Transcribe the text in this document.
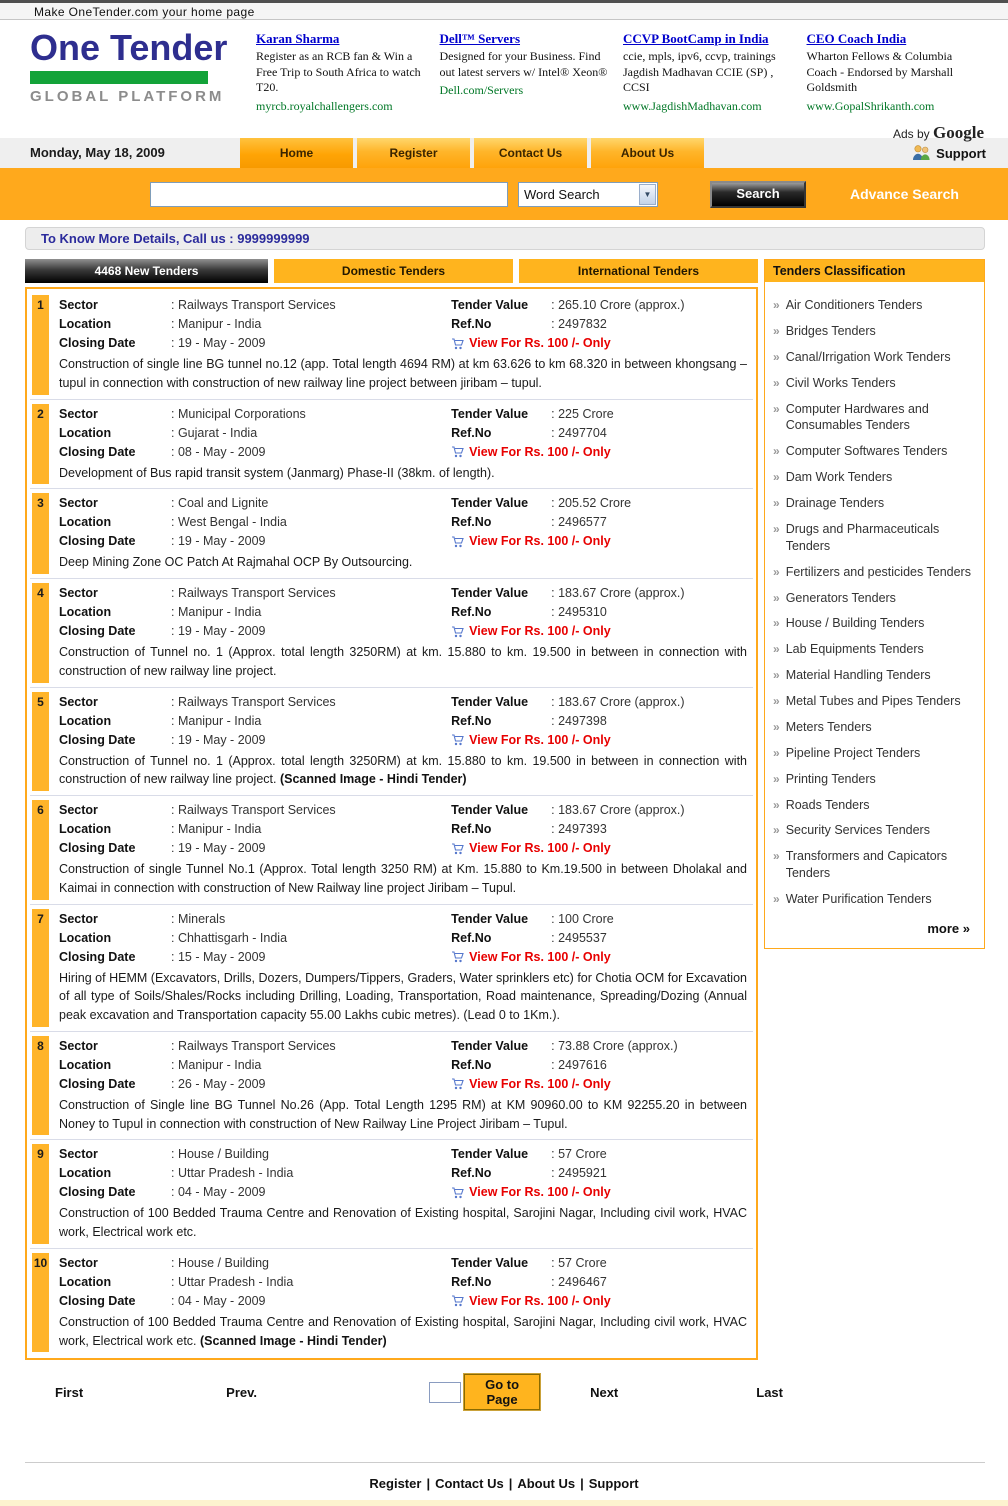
Make OneTender.com your home page
One Tender
GLOBAL PLATFORM
Karan Sharma
Register as an RCB fan & Win a Free Trip to South Africa to watch T20.
myrcb.royalchallengers.com
Dell™ Servers
Designed for your Business. Find out latest servers w/ Intel® Xeon®
Dell.com/Servers
CCVP BootCamp in India
ccie, mpls, ipv6, ccvp, trainings Jagdish Madhavan CCIE (SP) , CCSI
www.JagdishMadhavan.com
CEO Coach India
Wharton Fellows & Columbia Coach - Endorsed by Marshall Goldsmith
www.GopalShrikanth.com
Ads by Google
Monday, May 18, 2009	Home	Register	Contact Us	About Us	Support
Word Search	▼	Search	Advance Search
To Know More Details, Call us : 9999999999
4468 New Tenders	Domestic Tenders	International Tenders
1	Sector	: Railways Transport Services
Location	: Manipur - India
Closing Date	: 19 - May - 2009
Tender Value	: 265.10 Crore (approx.)
Ref.No	: 2497832
View For Rs. 100 /- Only
Construction of single line BG tunnel no.12 (app. Total length 4694 RM) at km 63.626 to km 68.320 in between khongsang – tupul in connection with construction of new railway line project between jiribam – tupul.
2	Sector	: Municipal Corporations
Location	: Gujarat - India
Closing Date	: 08 - May - 2009
Tender Value	: 225 Crore
Ref.No	: 2497704
View For Rs. 100 /- Only
Development of Bus rapid transit system (Janmarg) Phase-II (38km. of length).
3	Sector	: Coal and Lignite
Location	: West Bengal - India
Closing Date	: 19 - May - 2009
Tender Value	: 205.52 Crore
Ref.No	: 2496577
View For Rs. 100 /- Only
Deep Mining Zone OC Patch At Rajmahal OCP By Outsourcing.
4	Sector	: Railways Transport Services
Location	: Manipur - India
Closing Date	: 19 - May - 2009
Tender Value	: 183.67 Crore (approx.)
Ref.No	: 2495310
View For Rs. 100 /- Only
Construction of Tunnel no. 1 (Approx. total length 3250RM) at km. 15.880 to km. 19.500 in between in connection with construction of new railway line project.
5	Sector	: Railways Transport Services
Location	: Manipur - India
Closing Date	: 19 - May - 2009
Tender Value	: 183.67 Crore (approx.)
Ref.No	: 2497398
View For Rs. 100 /- Only
Construction of Tunnel no. 1 (Approx. total length 3250RM) at km. 15.880 to km. 19.500 in between in connection with construction of new railway line project. (Scanned Image - Hindi Tender)
6	Sector	: Railways Transport Services
Location	: Manipur - India
Closing Date	: 19 - May - 2009
Tender Value	: 183.67 Crore (approx.)
Ref.No	: 2497393
View For Rs. 100 /- Only
Construction of single Tunnel No.1 (Approx. Total length 3250 RM) at Km. 15.880 to Km.19.500 in between Dholakal and Kaimai in connection with construction of New Railway line project Jiribam – Tupul.
7	Sector	: Minerals
Location	: Chhattisgarh - India
Closing Date	: 15 - May - 2009
Tender Value	: 100 Crore
Ref.No	: 2495537
View For Rs. 100 /- Only
Hiring of HEMM (Excavators, Drills, Dozers, Dumpers/Tippers, Graders, Water sprinklers etc) for Chotia OCM for Excavation of all type of Soils/Shales/Rocks including Drilling, Loading, Transportation, Road maintenance, Spreading/Dozing (Annual peak excavation and Transportation capacity 55.00 Lakhs cubic metres). (Lead 0 to 1Km.).
8	Sector	: Railways Transport Services
Location	: Manipur - India
Closing Date	: 26 - May - 2009
Tender Value	: 73.88 Crore (approx.)
Ref.No	: 2497616
View For Rs. 100 /- Only
Construction of Single line BG Tunnel No.26 (App. Total Length 1295 RM) at KM 90960.00 to KM 92255.20 in between Noney to Tupul in connection with construction of New Railway Line Project Jiribam – Tupul.
9	Sector	: House / Building
Location	: Uttar Pradesh - India
Closing Date	: 04 - May - 2009
Tender Value	: 57 Crore
Ref.No	: 2495921
View For Rs. 100 /- Only
Construction of 100 Bedded Trauma Centre and Renovation of Existing hospital, Sarojini Nagar, Including civil work, HVAC work, Electrical work etc.
10 Sector	: House / Building
Location	: Uttar Pradesh - India
Closing Date	: 04 - May - 2009
Tender Value	: 57 Crore
Ref.No	: 2496467
View For Rs. 100 /- Only
Construction of 100 Bedded Trauma Centre and Renovation of Existing hospital, Sarojini Nagar, Including civil work, HVAC work, Electrical work etc. (Scanned Image - Hindi Tender)
First	Prev.	Go to Page	Next	Last
Tenders Classification
» Air Conditioners Tenders
» Bridges Tenders
» Canal/Irrigation Work Tenders
» Civil Works Tenders
» Computer Hardwares and Consumables Tenders
» Computer Softwares Tenders
» Dam Work Tenders
» Drainage Tenders
» Drugs and Pharmaceuticals Tenders
» Fertilizers and pesticides Tenders
» Generators Tenders
» House / Building Tenders
» Lab Equipments Tenders
» Material Handling Tenders
» Metal Tubes and Pipes Tenders
» Meters Tenders
» Pipeline Project Tenders
» Printing Tenders
» Roads Tenders
» Security Services Tenders
» Transformers and Capicators Tenders
» Water Purification Tenders
more »
Register | Contact Us | About Us | Support
